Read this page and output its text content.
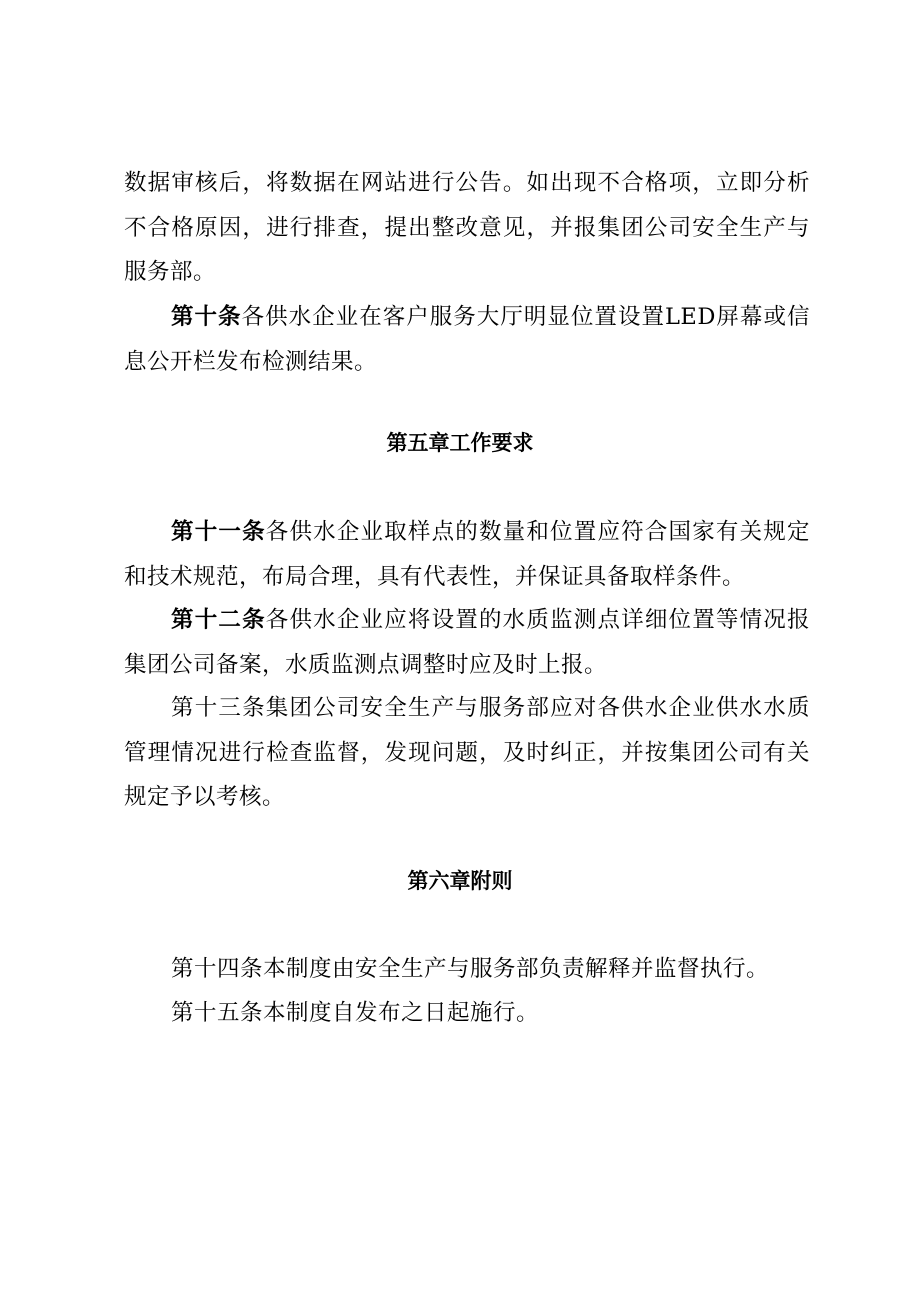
数据审核后，将数据在网站进行公告。如出现不合格项，立即分析不合格原因，进行排查，提出整改意见，并报集团公司安全生产与服务部。

第十条各供水企业在客户服务大厅明显位置设置LED屏幕或信息公开栏发布检测结果。

第五章工作要求

第十一条各供水企业取样点的数量和位置应符合国家有关规定和技术规范，布局合理，具有代表性，并保证具备取样条件。

第十二条各供水企业应将设置的水质监测点详细位置等情况报集团公司备案，水质监测点调整时应及时上报。

第十三条集团公司安全生产与服务部应对各供水企业供水水质管理情况进行检查监督，发现问题，及时纠正，并按集团公司有关规定予以考核。

第六章附则

第十四条本制度由安全生产与服务部负责解释并监督执行。

第十五条本制度自发布之日起施行。
